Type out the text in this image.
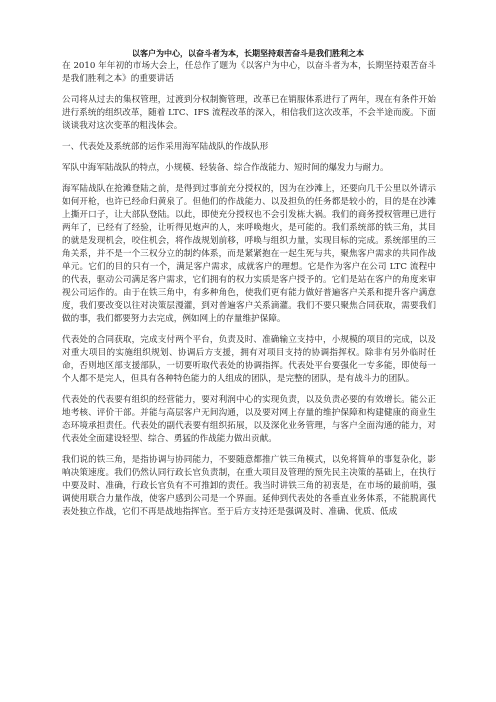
以客户为中心，以奋斗者为本，长期坚持艰苦奋斗是我们胜利之本

在 2010 年年初的市场大会上，任总作了题为《以客户为中心，以奋斗者为本，长期坚持艰苦奋斗是我们胜利之本》的重要讲话

公司将从过去的集权管理，过渡到分权制衡管理，改革已在销服体系进行了两年，现在有条件开始进行系统的组织改革，随着 LTC、IFS 流程改革的深入，相信我们这次改革，不会半途而废。下面谈谈我对这次变革的粗浅体会。

一、代表处及系统部的运作采用海军陆战队的作战队形

军队中海军陆战队的特点，小规模、轻装备、综合作战能力、短时间的爆发力与耐力。

海军陆战队在抢滩登陆之前，是得到过事前充分授权的，因为在沙滩上，还要向几千公里以外请示如何开枪，也许已经命归黄泉了。但他们的作战能力、以及担负的任务都是较小的，目的是在沙滩上撕开口子，让大部队登陆。以此，即使充分授权也不会引发栋大祸。我们的商务授权管理已进行两年了，已经有了经验，让听得见炮声的人，来呼唤炮火，是可能的。我们系统部的铁三角，其目的就是发现机会，咬住机会，将作战规划前移，呼唤与组织力量，实现目标的完成。系统部里的三角关系，并不是一个三权分立的制约体系，而是紧紧抱在一起生死与共，聚焦客户需求的共同作战单元。它们的目的只有一个，满足客户需求，成就客户的理想。它是作为客户在公司 LTC 流程中的代表，驱动公司满足客户需求，它们拥有的权力实质是客户授予的。它们是站在客户的角度来审视公司运作的。由于在铁三角中，有多种角色，使我们更有能力做好普遍客户关系和提升客户满意度，我们要改变以往对决策层漫灌，到对普遍客户关系滴灌。我们不要只聚焦合同获取，需要我们做的事，我们都要努力去完成，例如网上的存量维护保障。

代表处的合同获取，完成支付两个平台，负责及时、准确输立支持中，小规模的项目的完成，以及对重大项目的实施组织规划、协调后方支援，拥有对项目支持的协调指挥权。除非有另外临时任命，否则地区部支援部队，一切要听取代表处的协调指挥。代表处平台要强化一专多能，即使每一个人都不是完人，但具有各种特色能力的人组成的团队，是完整的团队，是有战斗力的团队。

代表处的代表要有组织的经营能力，要对利润中心的实现负责，以及负责必要的有效增长。能公正地考核、评价干部。并能与高层客户无间沟通，以及要对网上存量的维护保障和构建健康的商业生态环境承担责任。代表处的副代表要有组织拓展，以及深化业务管理，与客户全面沟通的能力，对代表处全面建设轻型、综合、勇猛的作战能力做出贡献。

我们说的铁三角，是指协调与协同能力，不要随意都推广铁三角模式，以免将简单的事复杂化，影响决策速度。我们仍然认同行政长官负责制，在重大项目及管理的预先民主决策的基础上，在执行中要及时、准确，行政长官负有不可推卸的责任。我当时讲铁三角的初衷是，在市场的最前哨，强调使用联合力量作战，使客户感到公司是一个界面。延伸到代表处的各垂直业务体系，不能脱离代表处独立作战，它们不再是战地指挥官。至于后方支持还是强调及时、准确、优质、低成
